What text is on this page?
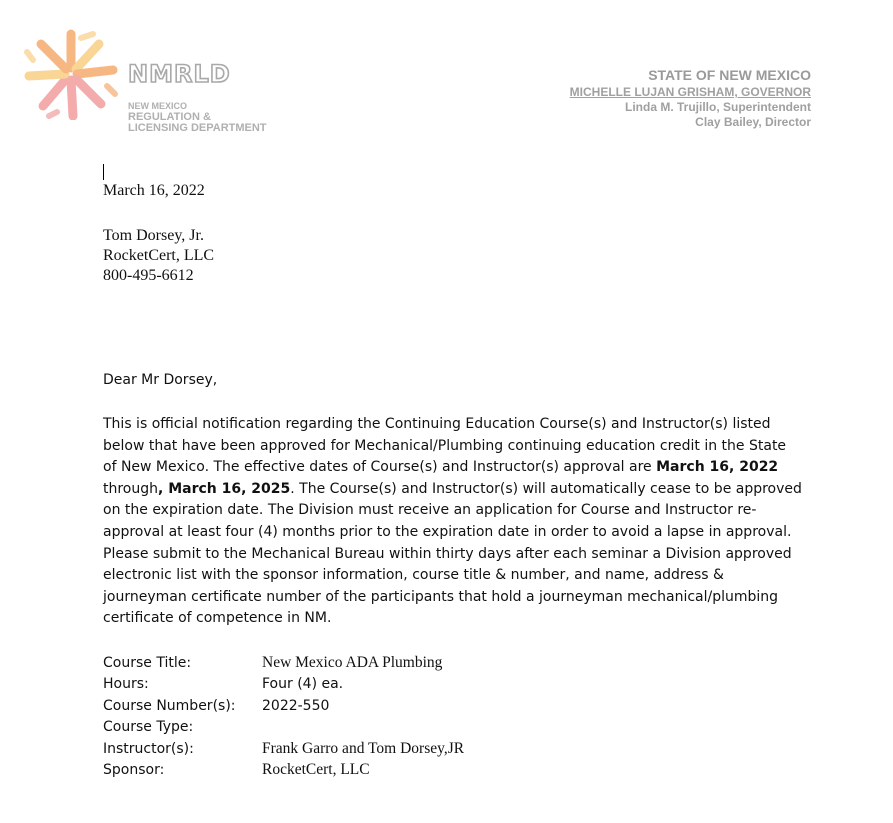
NMRLD
NEW MEXICO
REGULATION &
LICENSING DEPARTMENT
STATE OF NEW MEXICO
MICHELLE LUJAN GRISHAM, GOVERNOR
Linda M. Trujillo, Superintendent
Clay Bailey, Director
March 16, 2022
Tom Dorsey, Jr.
RocketCert, LLC
800-495-6612
Dear Mr Dorsey,

This is official notification regarding the Continuing Education Course(s) and Instructor(s) listed below that have been approved for Mechanical/Plumbing continuing education credit in the State of New Mexico. The effective dates of Course(s) and Instructor(s) approval are March 16, 2022 through, March 16, 2025. The Course(s) and Instructor(s) will automatically cease to be approved on the expiration date. The Division must receive an application for Course and Instructor re-approval at least four (4) months prior to the expiration date in order to avoid a lapse in approval. Please submit to the Mechanical Bureau within thirty days after each seminar a Division approved electronic list with the sponsor information, course title & number, and name, address & journeyman certificate number of the participants that hold a journeyman mechanical/plumbing certificate of competence in NM.

Course Title:	New Mexico ADA Plumbing
Hours:	Four (4) ea.
Course Number(s):	2022-550
Course Type:
Instructor(s):	Frank Garro and Tom Dorsey,JR
Sponsor:	RocketCert, LLC
